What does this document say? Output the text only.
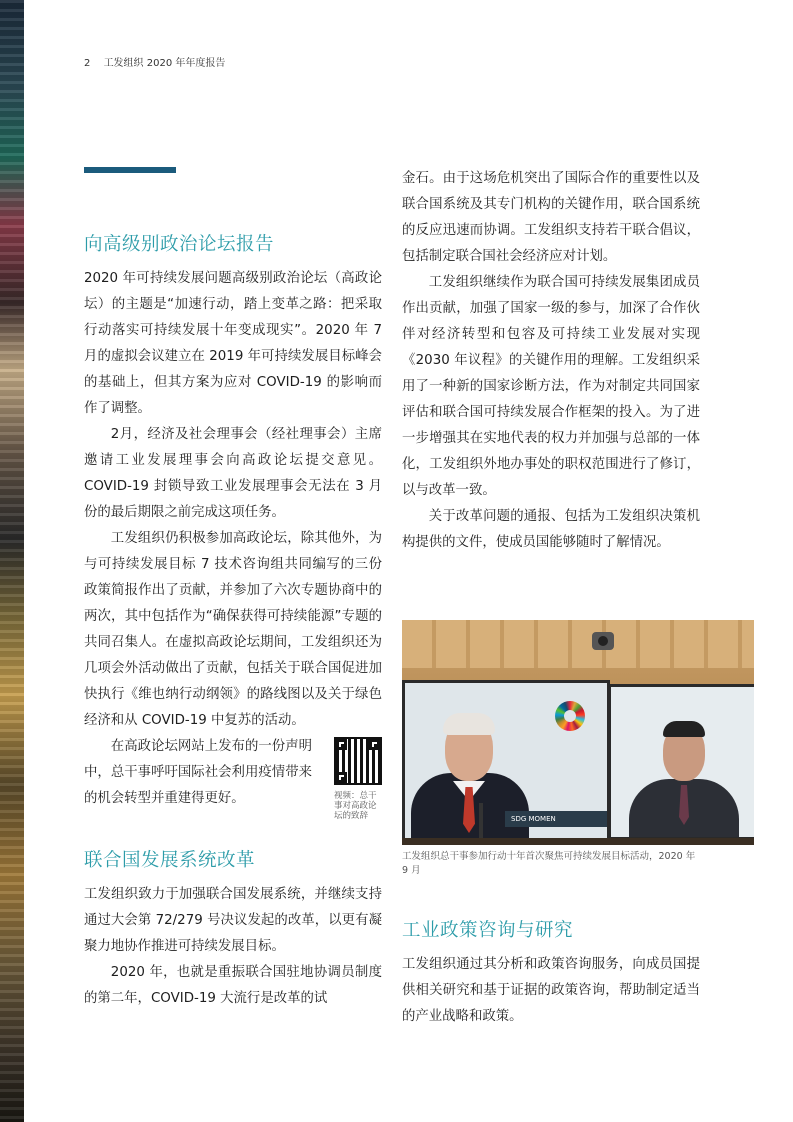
2 工发组织 2020 年年度报告
向高级别政治论坛报告

2020 年可持续发展问题高级别政治论坛（高政论坛）的主题是“加速行动，踏上变革之路：把采取行动落实可持续发展十年变成现实”。2020 年 7 月的虚拟会议建立在 2019 年可持续发展目标峰会的基础上，但其方案为应对 COVID-19 的影响而作了调整。

2月，经济及社会理事会（经社理事会）主席邀请工业发展理事会向高政论坛提交意见。COVID-19 封锁导致工业发展理事会无法在 3 月份的最后期限之前完成这项任务。

工发组织仍积极参加高政论坛，除其他外，为与可持续发展目标 7 技术咨询组共同编写的三份政策简报作出了贡献，并参加了六次专题协商中的两次，其中包括作为“确保获得可持续能源”专题的共同召集人。在虚拟高政论坛期间，工发组织还为几项会外活动做出了贡献，包括关于联合国促进加快执行《维也纳行动纲领》的路线图以及关于绿色经济和从 COVID-19 中复苏的活动。

在高政论坛网站上发布的一份声明中，总干事呼吁国际社会利用疫情带来的机会转型并重建得更好。	视频：总干事对高政论坛的致辞
联合国发展系统改革

工发组织致力于加强联合国发展系统，并继续支持通过大会第 72/279 号决议发起的改革，以更有凝聚力地协作推进可持续发展目标。

2020 年，也就是重振联合国驻地协调员制度的第二年，COVID-19 大流行是改革的试

金石。由于这场危机突出了国际合作的重要性以及联合国系统及其专门机构的关键作用，联合国系统的反应迅速而协调。工发组织支持若干联合倡议，包括制定联合国社会经济应对计划。

工发组织继续作为联合国可持续发展集团成员作出贡献，加强了国家一级的参与，加深了合作伙伴对经济转型和包容及可持续工业发展对实现《2030 年议程》的关键作用的理解。工发组织采用了一种新的国家诊断方法，作为对制定共同国家评估和联合国可持续发展合作框架的投入。为了进一步增强其在实地代表的权力并加强与总部的一体化，工发组织外地办事处的职权范围进行了修订，以与改革一致。

关于改革问题的通报、包括为工发组织决策机构提供的文件，使成员国能够随时了解情况。

SDG MOMEN
工发组织总干事参加行动十年首次聚焦可持续发展目标活动，2020 年 9 月
工业政策咨询与研究

工发组织通过其分析和政策咨询服务，向成员国提供相关研究和基于证据的政策咨询，帮助制定适当的产业战略和政策。
